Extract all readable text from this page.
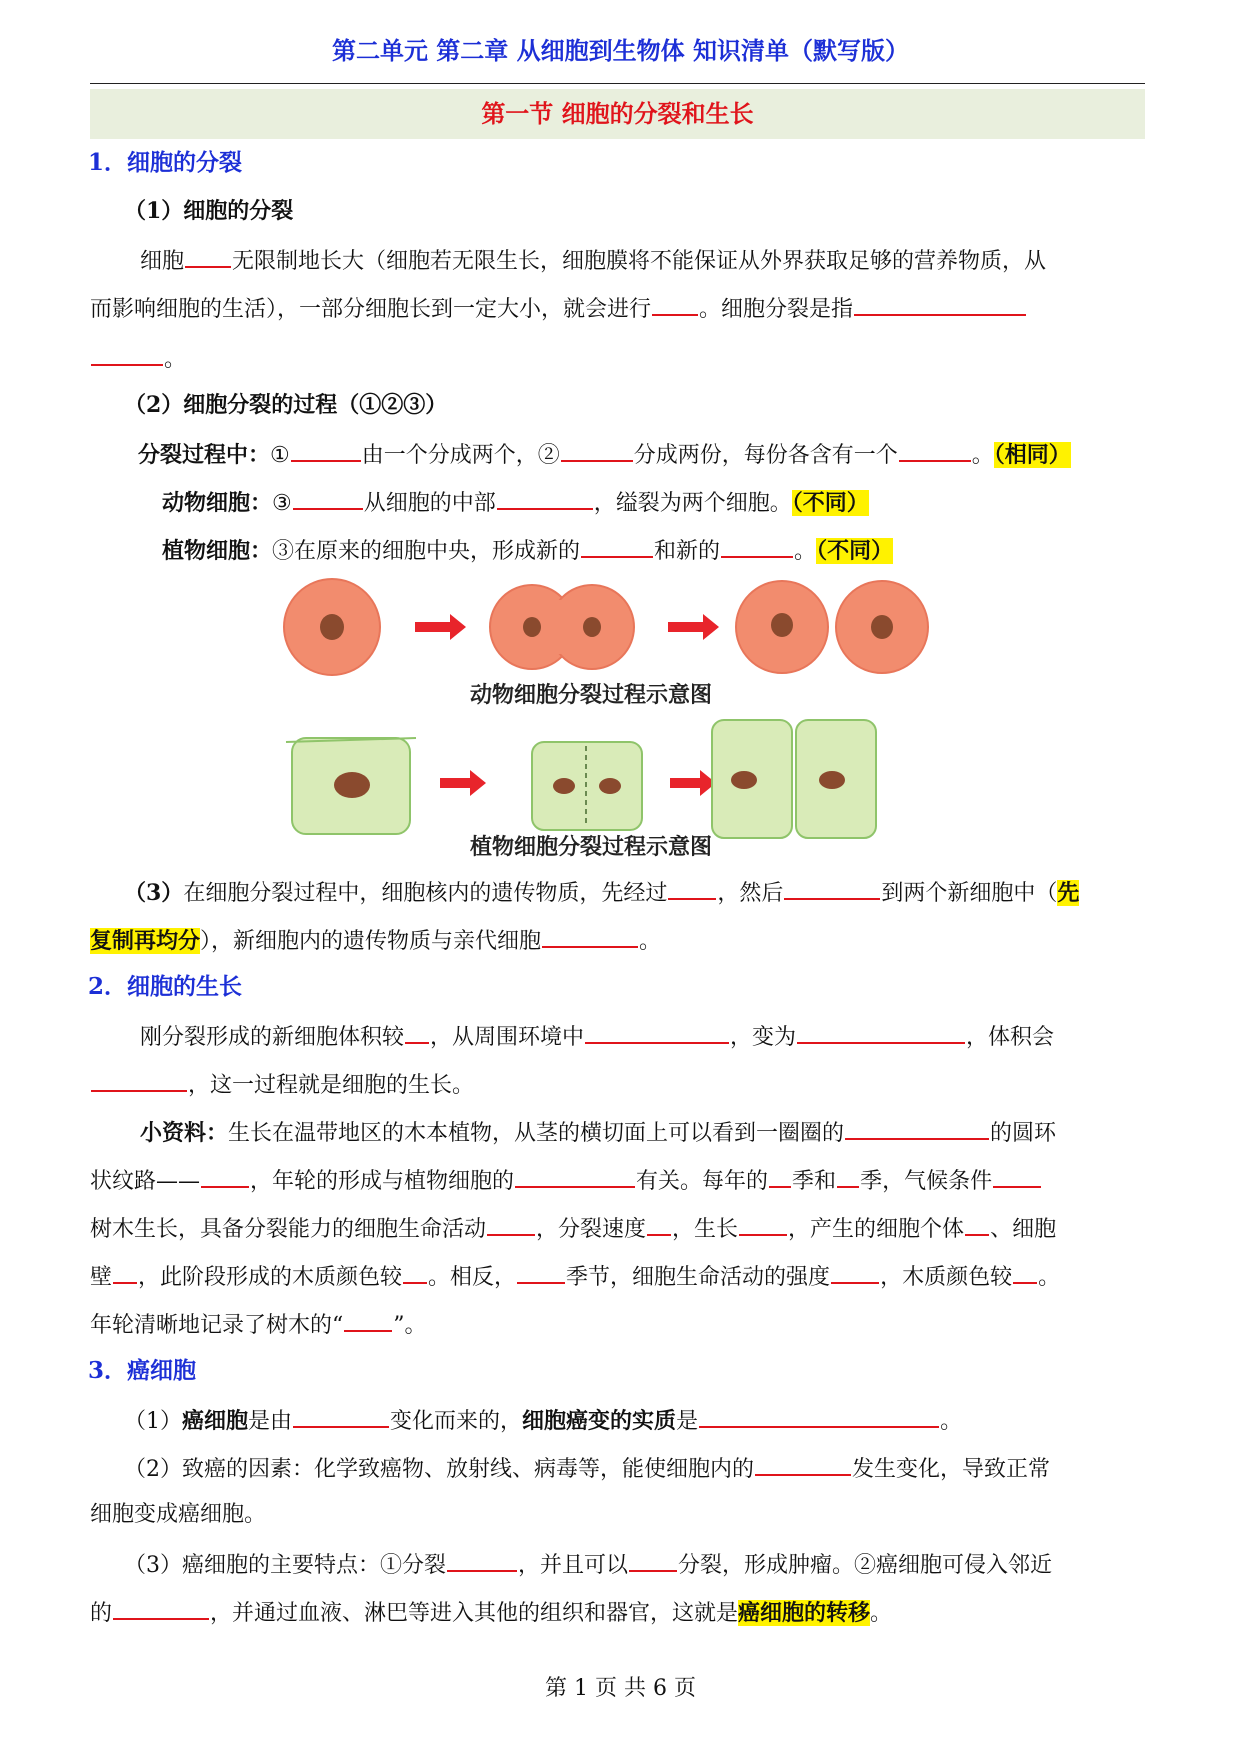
第二单元 第二章 从细胞到生物体 知识清单（默写版）
第一节 细胞的分裂和生长
1．细胞的分裂
（1）细胞的分裂
细胞 无限制地长大（细胞若无限生长，细胞膜将不能保证从外界获取足够的营养物质，从
而影响细胞的生活），一部分细胞长到一定大小，就会进行 。细胞分裂是指
。
（2）细胞分裂的过程（①②③）
分裂过程中：①	由一个分成两个，②	分成两份，每份各含有一个	。（相同）
动物细胞：③	从细胞的中部	，缢裂为两个细胞。（不同）
植物细胞：③在原来的细胞中央，形成新的	和新的	。（不同）
动物细胞分裂过程示意图
植物细胞分裂过程示意图
（3）在细胞分裂过程中，细胞核内的遗传物质，先经过 ，然后	到两个新细胞中（先
复制再均分），新细胞内的遗传物质与亲代细胞	。
2．细胞的生长
刚分裂形成的新细胞体积较 ，从周围环境中	，变为	，体积会
，这一过程就是细胞的生长。
小资料：生长在温带地区的木本植物，从茎的横切面上可以看到一圈圈的	的圆环
状纹路—— ，年轮的形成与植物细胞的	有关。每年的 季和 季，气候条件
树木生长，具备分裂能力的细胞生命活动 ，分裂速度 ，生长 ，产生的细胞个体 、细胞
壁 ，此阶段形成的木质颜色较 。相反， 季节，细胞生命活动的强度 ，木质颜色较 。
年轮清晰地记录了树木的“ ”。
3．癌细胞
（1）癌细胞是由	变化而来的，细胞癌变的实质是	。
（2）致癌的因素：化学致癌物、放射线、病毒等，能使细胞内的	发生变化，导致正常
细胞变成癌细胞。
（3）癌细胞的主要特点：①分裂	，并且可以 分裂，形成肿瘤。②癌细胞可侵入邻近
的	，并通过血液、淋巴等进入其他的组织和器官，这就是癌细胞的转移。
第 1 页 共 6 页
